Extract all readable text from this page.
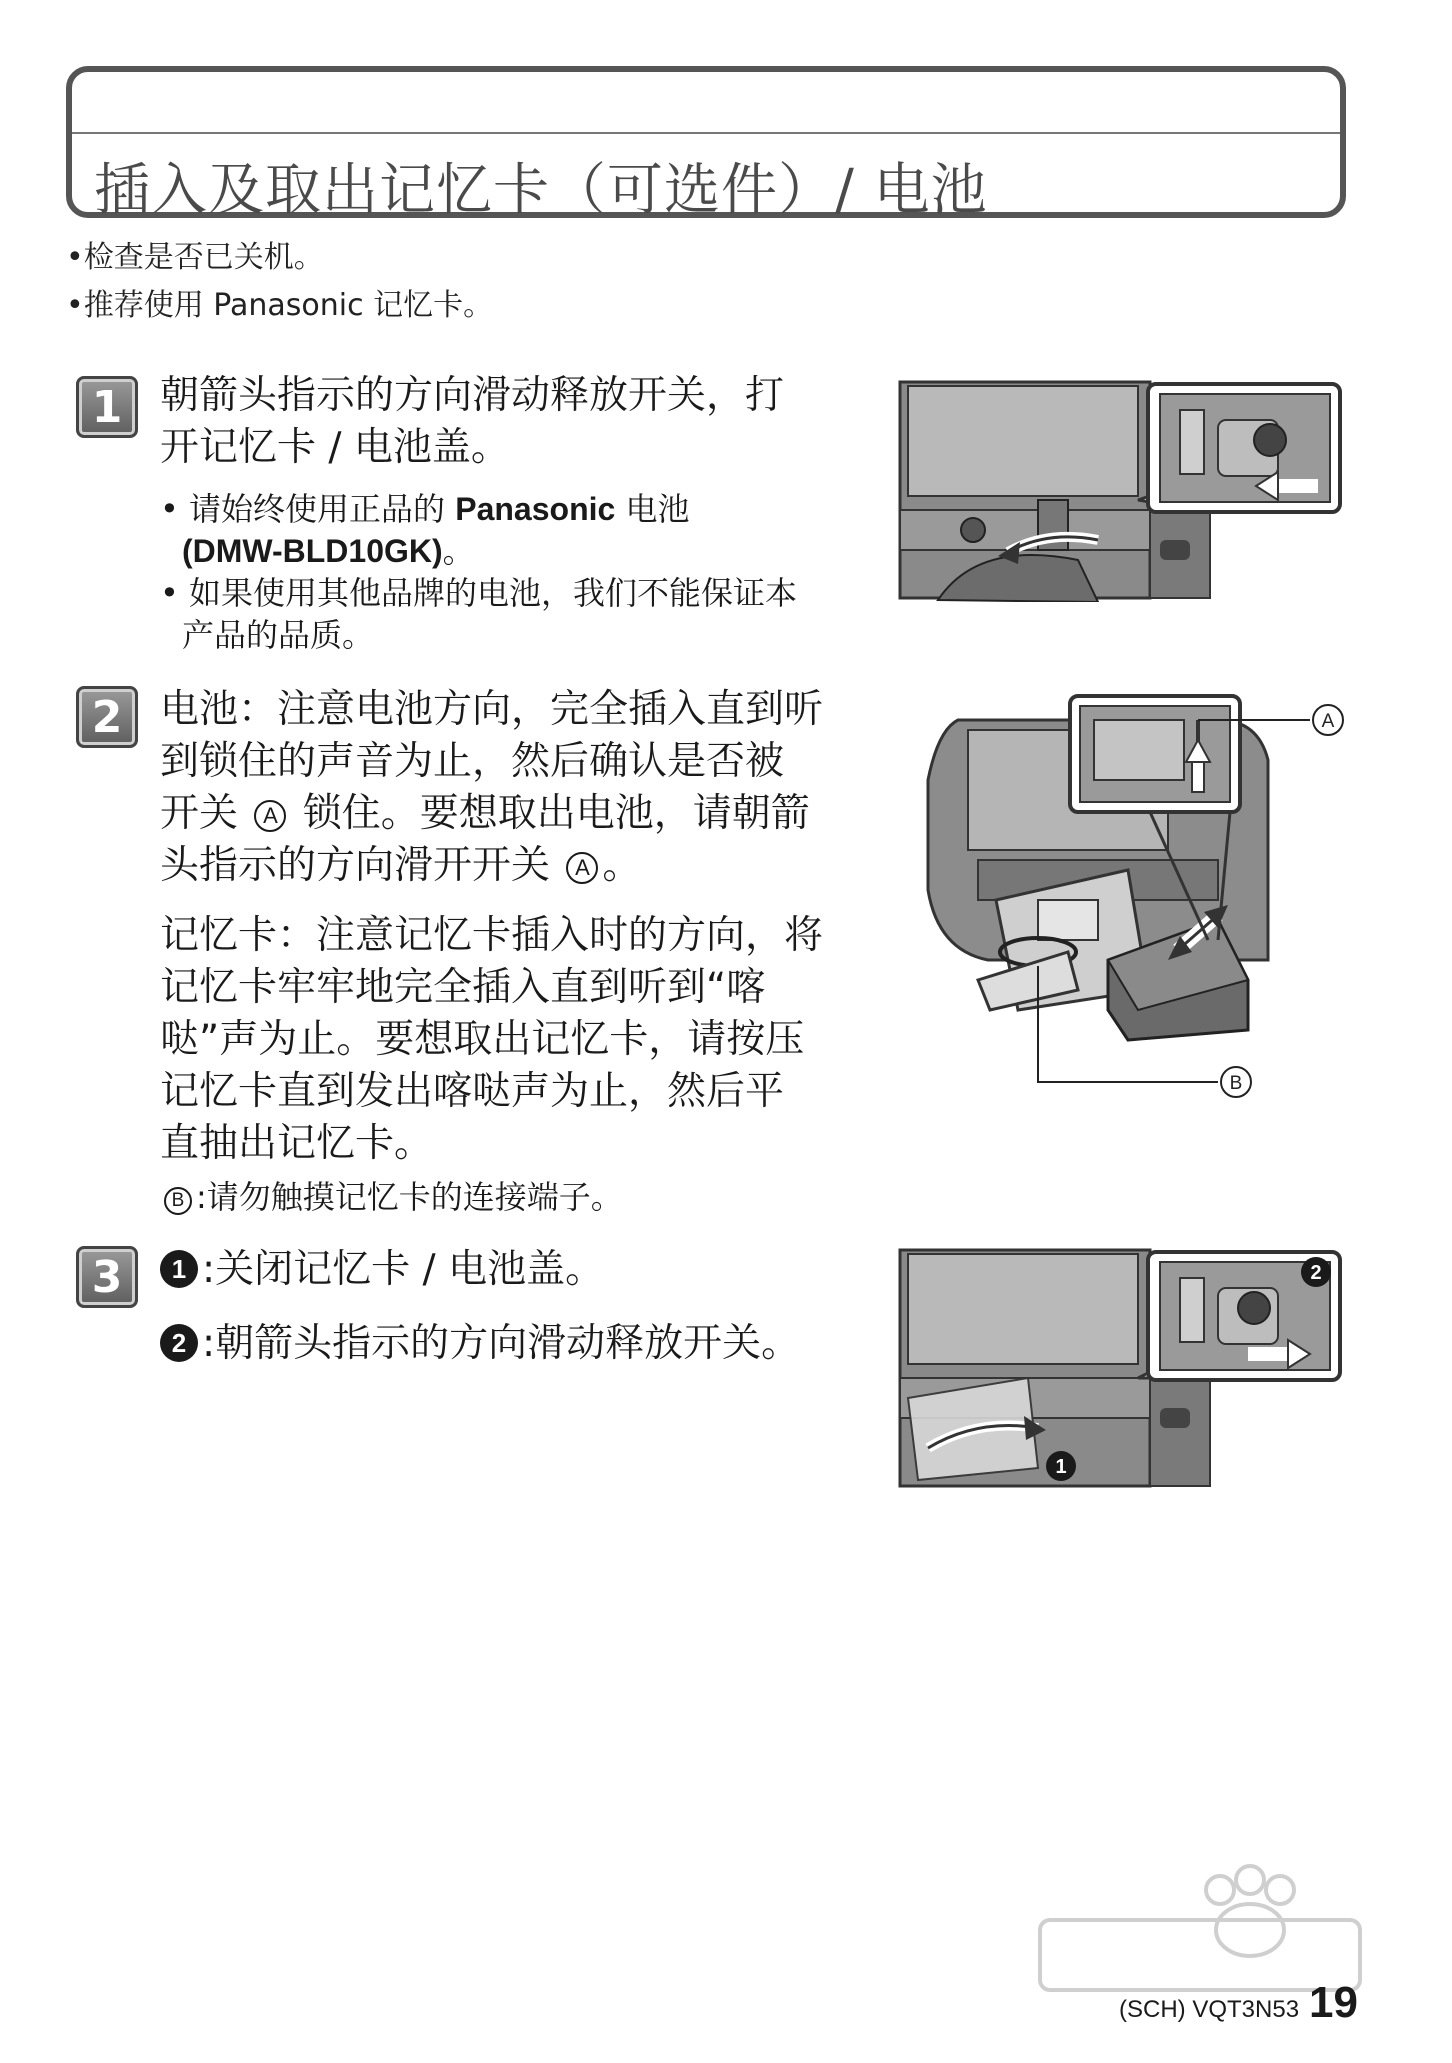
插入及取出记忆卡（可选件）/ 电池
•检查是否已关机。
•推荐使用 Panasonic 记忆卡。
1 朝箭头指示的方向滑动释放开关，打
开记忆卡 / 电池盖。
• 请始终使用正品的 Panasonic 电池
(DMW-BLD10GK)。
• 如果使用其他品牌的电池，我们不能保证本
产品的品质。
2 电池：注意电池方向，完全插入直到听
到锁住的声音为止，然后确认是否被
开关 A 锁住。要想取出电池，请朝箭
头指示的方向滑开开关 A 。
记忆卡：注意记忆卡插入时的方向，将
记忆卡牢牢地完全插入直到听到“喀
哒”声为止。要想取出记忆卡，请按压
记忆卡直到发出喀哒声为止，然后平
直抽出记忆卡。
B :请勿触摸记忆卡的连接端子。
A
B
3	1 :关闭记忆卡 / 电池盖。
2 :朝箭头指示的方向滑动释放开关。
1
2
(SCH) VQT3N53 19
